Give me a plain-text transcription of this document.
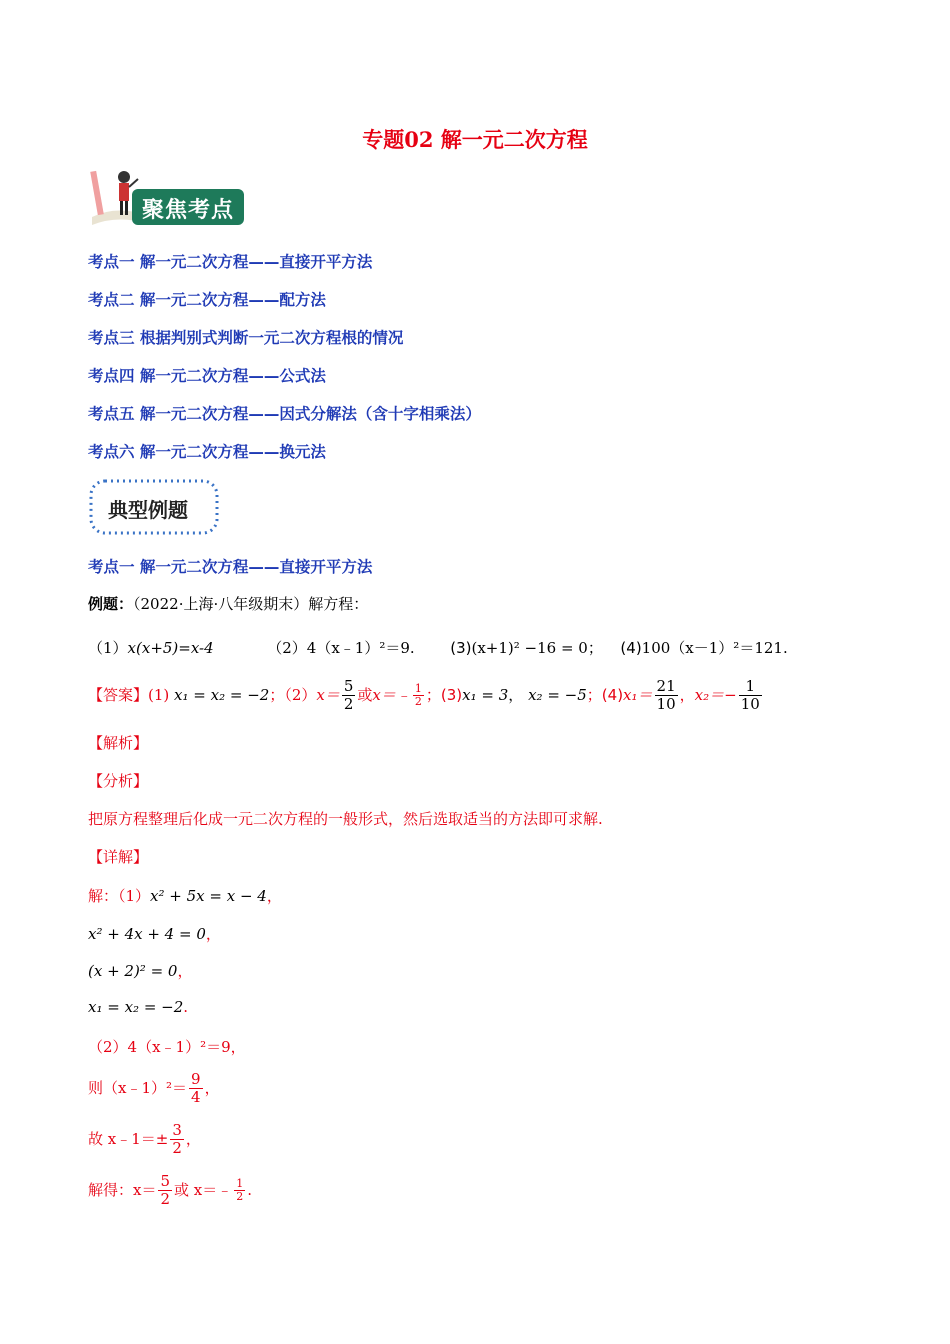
专题02 解一元二次方程
聚焦考点
考点一 解一元二次方程——直接开平方法
考点二 解一元二次方程——配方法
考点三 根据判别式判断一元二次方程根的情况
考点四 解一元二次方程——公式法
考点五 解一元二次方程——因式分解法（含十字相乘法）
考点六 解一元二次方程——换元法
典型例题
考点一 解一元二次方程——直接开平方法
例题：（2022·上海·八年级期末）解方程：
（1）x(x+5)=x-4	（2）4（x﹣1）²＝9. (3)(x+1)² −16 = 0； (4)100（x－1）²＝121.
【答案】(1) x₁ = x₂ = −2；$(2)x= \frac{5}{2}$ 或x＝﹣ $\frac{1}{2}$ ；(3)x₁ = 3， x₂ = −5；$(4)x_1= \frac{21}{10}$ ，$x_2=- \frac{1}{10}$
【解析】
【分析】
把原方程整理后化成一元二次方程的一般形式，然后选取适当的方法即可求解.
【详解】
解：（1）x² + 5x = x − 4，
x² + 4x + 4 = 0，
(x + 2)² = 0，
x₁ = x₂ = −2.
（2）4（x﹣1）²＝9，
则（x﹣1）²＝ $\frac{9}{4}$ ，
故 x﹣1＝± $\frac{3}{2}$ ，
解得：$x= \frac{5}{2}$ 或 x＝﹣ $\frac{1}{2}$ .
